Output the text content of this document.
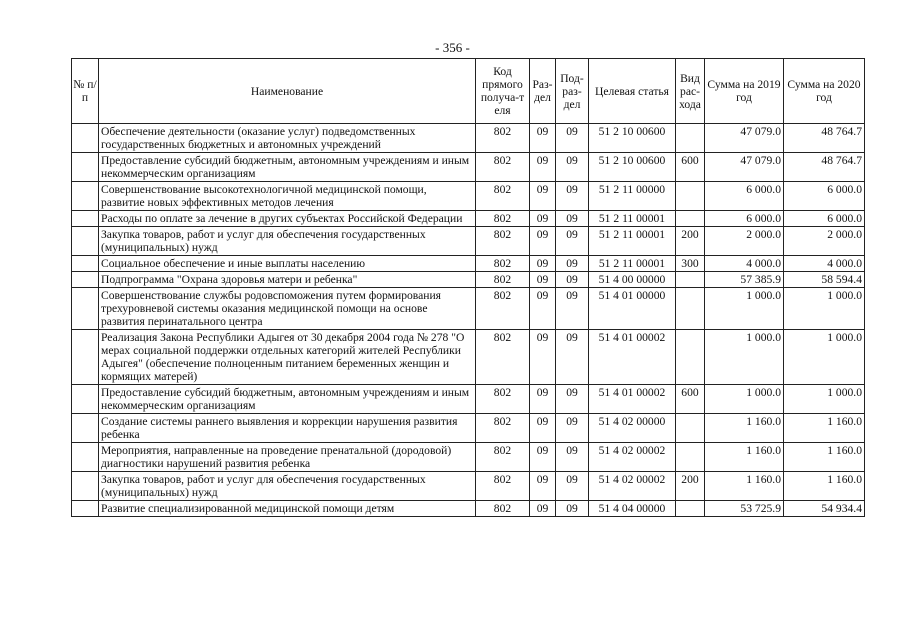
- 356 -
№ п/п	Наименование	Код прямого получа-т еля	Раз-дел	Под-раз-дел	Целевая статья	Вид рас-хода	Сумма на 2019 год	Сумма на 2020 год
	Обеспечение деятельности (оказание услуг) подведомственных государственных бюджетных и автономных учреждений	802	09	09	51 2 10 00600		47 079.0	48 764.7
	Предоставление субсидий бюджетным, автономным учреждениям и иным некоммерческим организациям	802	09	09	51 2 10 00600	600	47 079.0	48 764.7
	Совершенствование высокотехнологичной медицинской помощи, развитие новых эффективных методов лечения	802	09	09	51 2 11 00000		6 000.0	6 000.0
	Расходы по оплате за лечение в других субъектах Российской Федерации	802	09	09	51 2 11 00001		6 000.0	6 000.0
	Закупка товаров, работ и услуг для обеспечения государственных (муниципальных) нужд	802	09	09	51 2 11 00001	200	2 000.0	2 000.0
	Социальное обеспечение и иные выплаты населению	802	09	09	51 2 11 00001	300	4 000.0	4 000.0
	Подпрограмма "Охрана здоровья матери и ребенка"	802	09	09	51 4 00 00000		57 385.9	58 594.4
	Совершенствование службы родовспоможения путем формирования трехуровневой системы оказания медицинской помощи на основе развития перинатального центра	802	09	09	51 4 01 00000		1 000.0	1 000.0
	Реализация Закона Республики Адыгея от 30 декабря 2004 года № 278 "О мерах социальной поддержки отдельных категорий жителей Республики Адыгея" (обеспечение полноценным питанием беременных женщин и кормящих матерей)	802	09	09	51 4 01 00002		1 000.0	1 000.0
	Предоставление субсидий бюджетным, автономным учреждениям и иным некоммерческим организациям	802	09	09	51 4 01 00002	600	1 000.0	1 000.0
	Создание системы раннего выявления и коррекции нарушения развития ребенка	802	09	09	51 4 02 00000		1 160.0	1 160.0
	Мероприятия, направленные на проведение пренатальной (дородовой) диагностики нарушений развития ребенка	802	09	09	51 4 02 00002		1 160.0	1 160.0
	Закупка товаров, работ и услуг для обеспечения государственных (муниципальных) нужд	802	09	09	51 4 02 00002	200	1 160.0	1 160.0
	Развитие специализированной медицинской помощи детям	802	09	09	51 4 04 00000		53 725.9	54 934.4
